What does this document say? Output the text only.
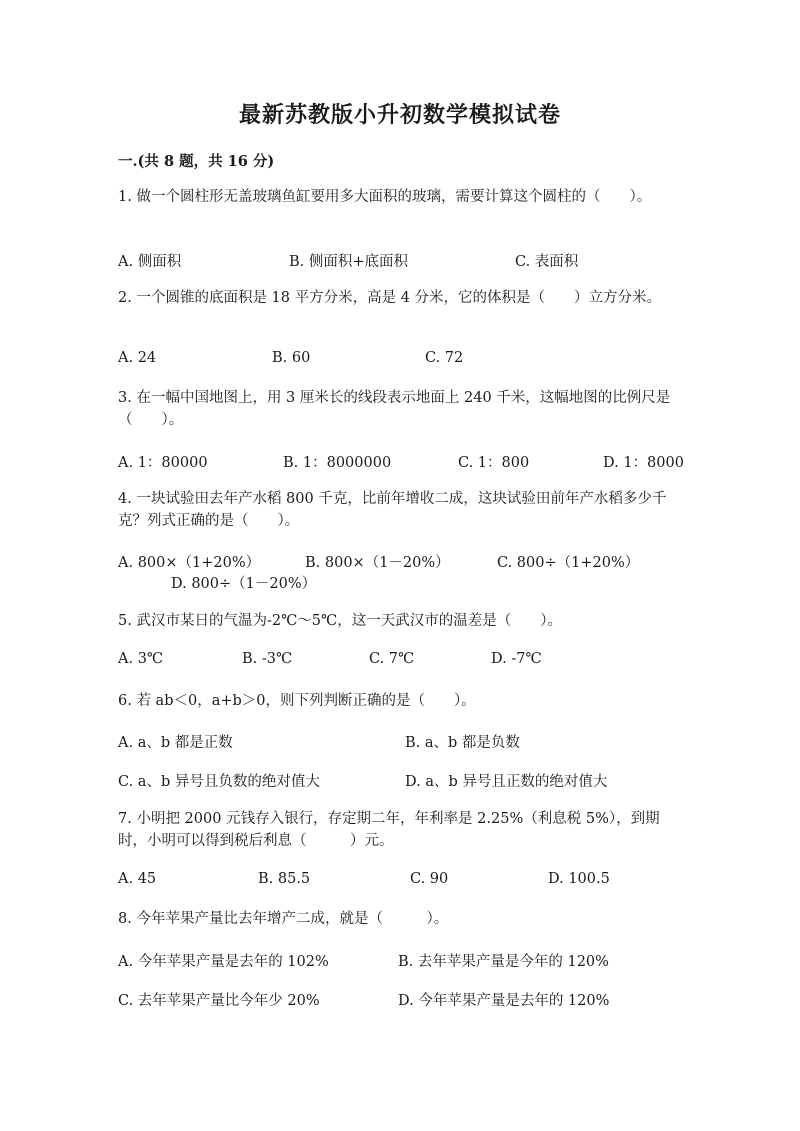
最新苏教版小升初数学模拟试卷
一.(共 8 题，共 16 分)
1. 做一个圆柱形无盖玻璃鱼缸要用多大面积的玻璃，需要计算这个圆柱的（　　）。
A. 侧面积	B. 侧面积+底面积	C. 表面积
2. 一个圆锥的底面积是 18 平方分米，高是 4 分米，它的体积是（　　）立方分米。
A. 24	B. 60	C. 72
3. 在一幅中国地图上，用 3 厘米长的线段表示地面上 240 千米，这幅地图的比例尺是（　　）。
A. 1：80000	B. 1：8000000	C. 1：800	D. 1：8000
4. 一块试验田去年产水稻 800 千克，比前年增收二成，这块试验田前年产水稻多少千克？列式正确的是（　　）。
A. 800×（1+20%）	B. 800×（1－20%）	C. 800÷（1+20%）
D. 800÷（1－20%）
5. 武汉市某日的气温为-2℃～5℃，这一天武汉市的温差是（　　）。
A. 3℃	B. -3℃	C. 7℃	D. -7℃
6. 若 ab＜0，a+b＞0，则下列判断正确的是（　　）。
A. a、b 都是正数	B. a、b 都是负数
C. a、b 异号且负数的绝对值大	D. a、b 异号且正数的绝对值大
7. 小明把 2000 元钱存入银行，存定期二年，年利率是 2.25%（利息税 5%），到期时，小明可以得到税后利息（　　　）元。
A. 45	B. 85.5	C. 90	D. 100.5
8. 今年苹果产量比去年增产二成，就是（　　　）。
A. 今年苹果产量是去年的 102%	B. 去年苹果产量是今年的 120%
C. 去年苹果产量比今年少 20%	D. 今年苹果产量是去年的 120%
